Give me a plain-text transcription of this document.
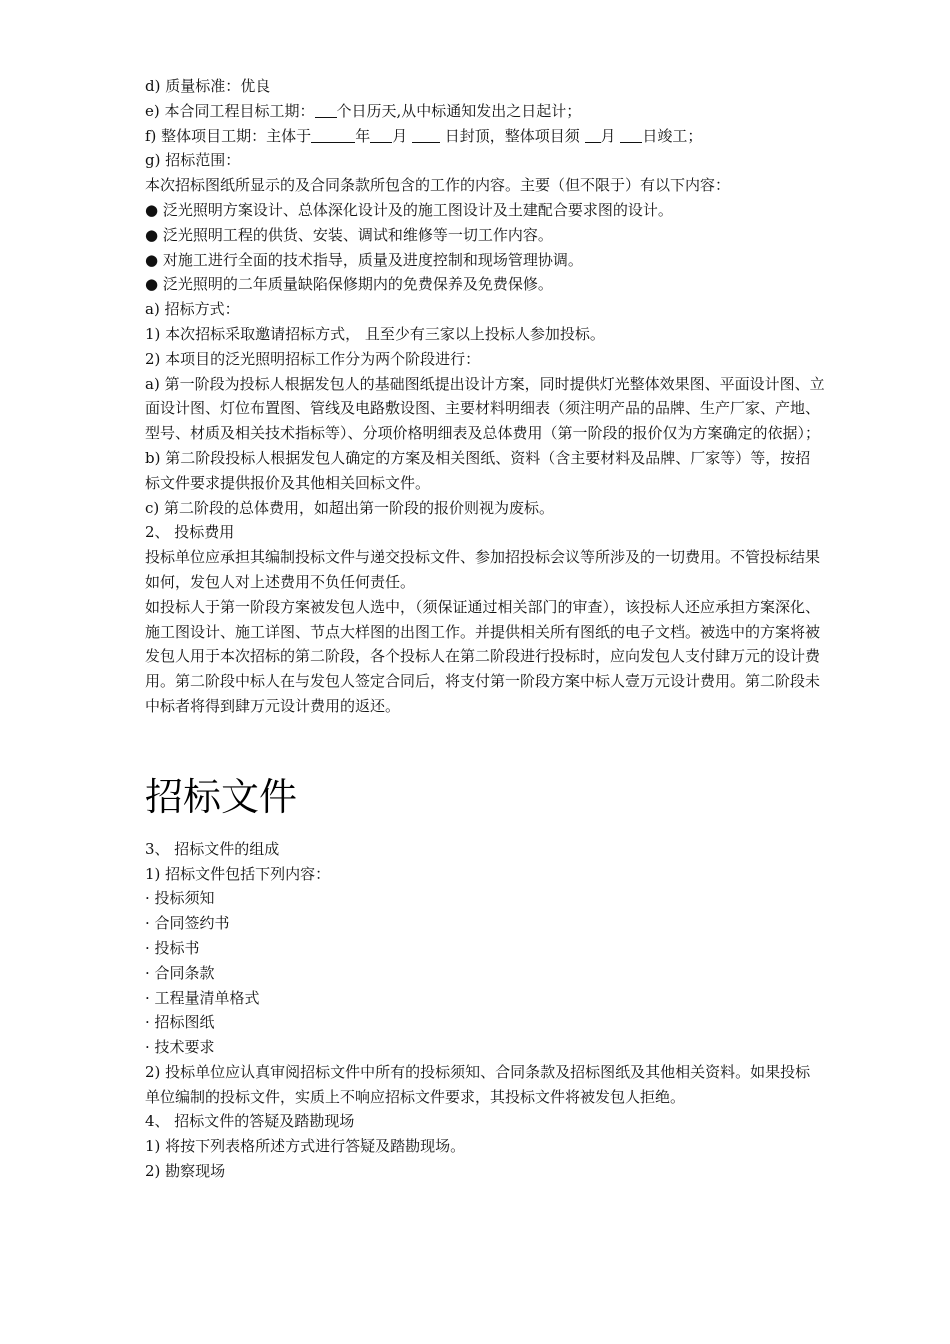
d) 质量标准：优良
e) 本合同工程目标工期： 个日历天,从中标通知发出之日起计；
f) 整体项目工期：主体于	年 月  日封顶，整体项目须 月 日竣工；
g) 招标范围：
本次招标图纸所显示的及合同条款所包含的工作的内容。主要（但不限于）有以下内容：
● 泛光照明方案设计、总体深化设计及的施工图设计及土建配合要求图的设计。
● 泛光照明工程的供货、安装、调试和维修等一切工作内容。
● 对施工进行全面的技术指导，质量及进度控制和现场管理协调。
● 泛光照明的二年质量缺陷保修期内的免费保养及免费保修。
a) 招标方式：
1) 本次招标采取邀请招标方式， 且至少有三家以上投标人参加投标。
2) 本项目的泛光照明招标工作分为两个阶段进行：
a) 第一阶段为投标人根据发包人的基础图纸提出设计方案，同时提供灯光整体效果图、平面设计图、立面设计图、灯位布置图、管线及电路敷设图、主要材料明细表（须注明产品的品牌、生产厂家、产地、型号、材质及相关技术指标等）、分项价格明细表及总体费用（第一阶段的报价仅为方案确定的依据）；
b) 第二阶段投标人根据发包人确定的方案及相关图纸、资料（含主要材料及品牌、厂家等）等，按招标文件要求提供报价及其他相关回标文件。
c) 第二阶段的总体费用，如超出第一阶段的报价则视为废标。
2、 投标费用
投标单位应承担其编制投标文件与递交投标文件、参加招投标会议等所涉及的一切费用。不管投标结果如何，发包人对上述费用不负任何责任。
如投标人于第一阶段方案被发包人选中，（须保证通过相关部门的审查），该投标人还应承担方案深化、施工图设计、施工详图、节点大样图的出图工作。并提供相关所有图纸的电子文档。被选中的方案将被发包人用于本次招标的第二阶段，各个投标人在第二阶段进行投标时，应向发包人支付肆万元的设计费用。第二阶段中标人在与发包人签定合同后，将支付第一阶段方案中标人壹万元设计费用。第二阶段未中标者将得到肆万元设计费用的返还。
招标文件
3、 招标文件的组成
1) 招标文件包括下列内容：
· 投标须知
· 合同签约书
· 投标书
· 合同条款
· 工程量清单格式
· 招标图纸
· 技术要求
2) 投标单位应认真审阅招标文件中所有的投标须知、合同条款及招标图纸及其他相关资料。如果投标单位编制的投标文件，实质上不响应招标文件要求，其投标文件将被发包人拒绝。
4、 招标文件的答疑及踏勘现场
1) 将按下列表格所述方式进行答疑及踏勘现场。
2) 勘察现场
